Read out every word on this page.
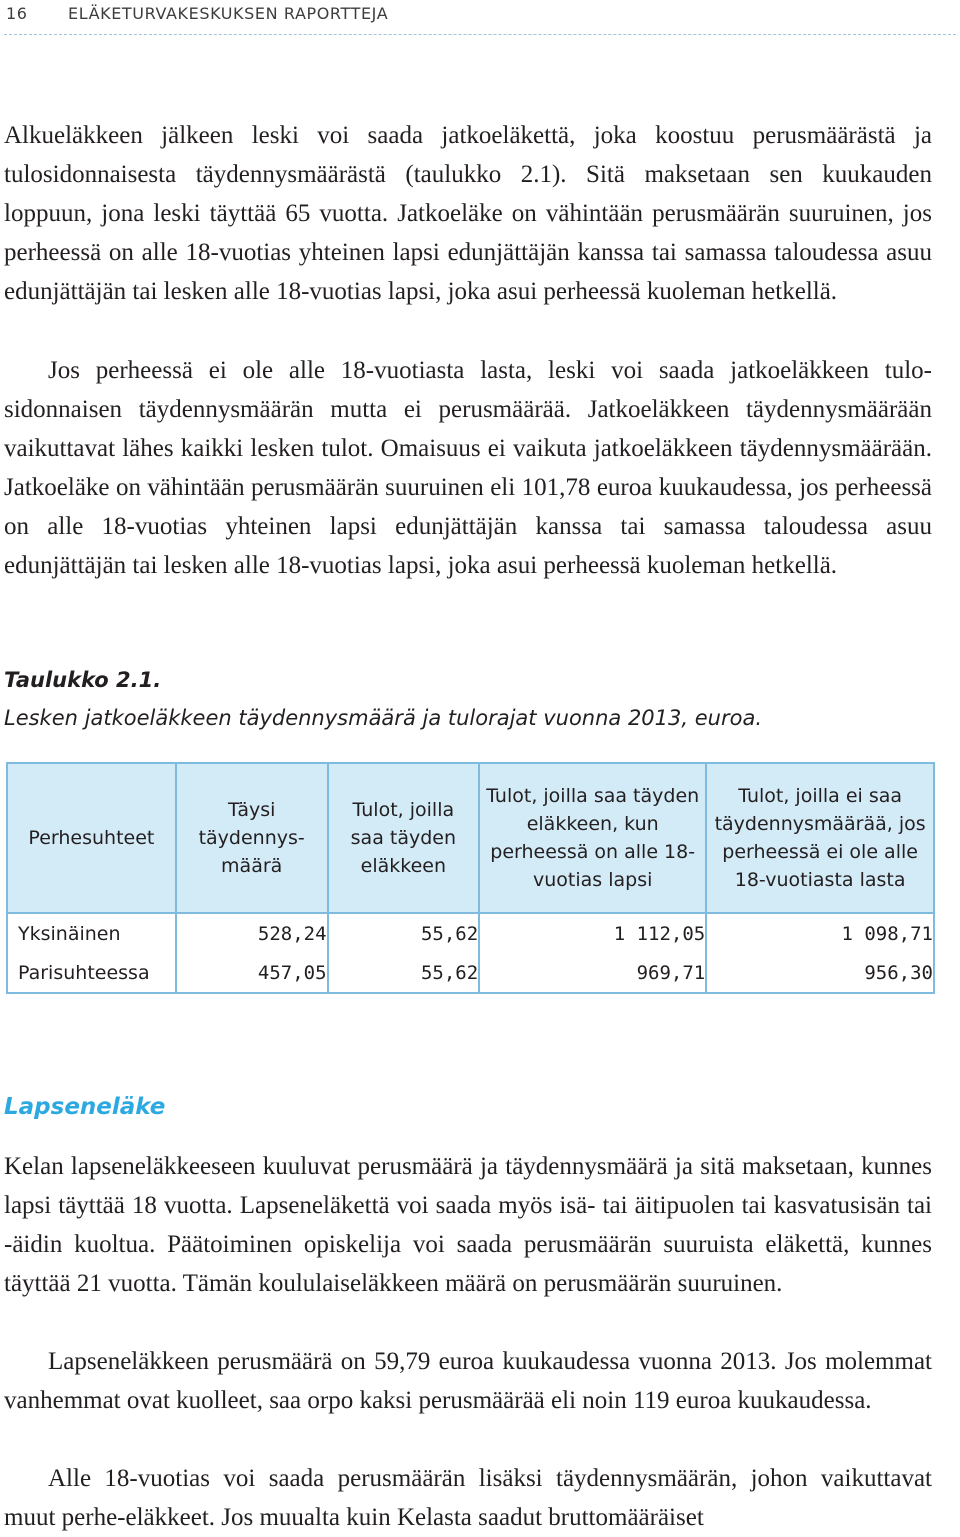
16	ELÄKETURVAKESKUKSEN RAPORTTEJA

Alkueläkkeen jälkeen leski voi saada jatkoeläkettä, joka koostuu perusmäärästä ja tulosidonnaisesta täydennysmäärästä (taulukko 2.1). Sitä maksetaan sen kuukauden loppuun, jona leski täyttää 65 vuotta. Jatkoeläke on vähintään perusmäärän suuruinen, jos perheessä on alle 18-vuotias yhteinen lapsi edunjättäjän kanssa tai samassa taloudessa asuu edunjättäjän tai lesken alle 18-vuotias lapsi, joka asui perheessä kuoleman hetkellä.

Jos perheessä ei ole alle 18-vuotiasta lasta, leski voi saada jatkoeläkkeen tulosidonnaisen täydennysmäärän mutta ei perusmäärää. Jatkoeläkkeen täydennysmäärään vaikuttavat lähes kaikki lesken tulot. Omaisuus ei vaikuta jatkoeläkkeen täydennysmäärään. Jatkoeläke on vähintään perusmäärän suuruinen eli 101,78 euroa kuukaudessa, jos perheessä on alle 18-vuotias yhteinen lapsi edunjättäjän kanssa tai samassa taloudessa asuu edunjättäjän tai lesken alle 18-vuotias lapsi, joka asui perheessä kuoleman hetkellä.

Taulukko 2.1.
Lesken jatkoeläkkeen täydennysmäärä ja tulorajat vuonna 2013, euroa.
Perhesuhteet	Täysi täydennysmäärä	Tulot, joilla saa täyden eläkkeen	Tulot, joilla saa täyden eläkkeen, kun perheessä on alle 18-vuotias lapsi	Tulot, joilla ei saa täydennysmäärää, jos perheessä ei ole alle 18-vuotiasta lasta
Yksinäinen	528,24	55,62	1 112,05	1 098,71
Parisuhteessa	457,05	55,62	969,71	956,30
Lapseneläke

Kelan lapseneläkkeeseen kuuluvat perusmäärä ja täydennysmäärä ja sitä maksetaan, kunnes lapsi täyttää 18 vuotta. Lapseneläkettä voi saada myös isä- tai äitipuolen tai kasvatusisän tai -äidin kuoltua. Päätoiminen opiskelija voi saada perusmäärän suuruista eläkettä, kunnes täyttää 21 vuotta. Tämän koululaiseläkkeen määrä on perusmäärän suuruinen.

Lapseneläkkeen perusmäärä on 59,79 euroa kuukaudessa vuonna 2013. Jos molemmat vanhemmat ovat kuolleet, saa orpo kaksi perusmäärää eli noin 119 euroa kuukaudessa.

Alle 18-vuotias voi saada perusmäärän lisäksi täydennysmäärän, johon vaikuttavat muut perhe-eläkkeet. Jos muualta kuin Kelasta saadut bruttomääräiset
